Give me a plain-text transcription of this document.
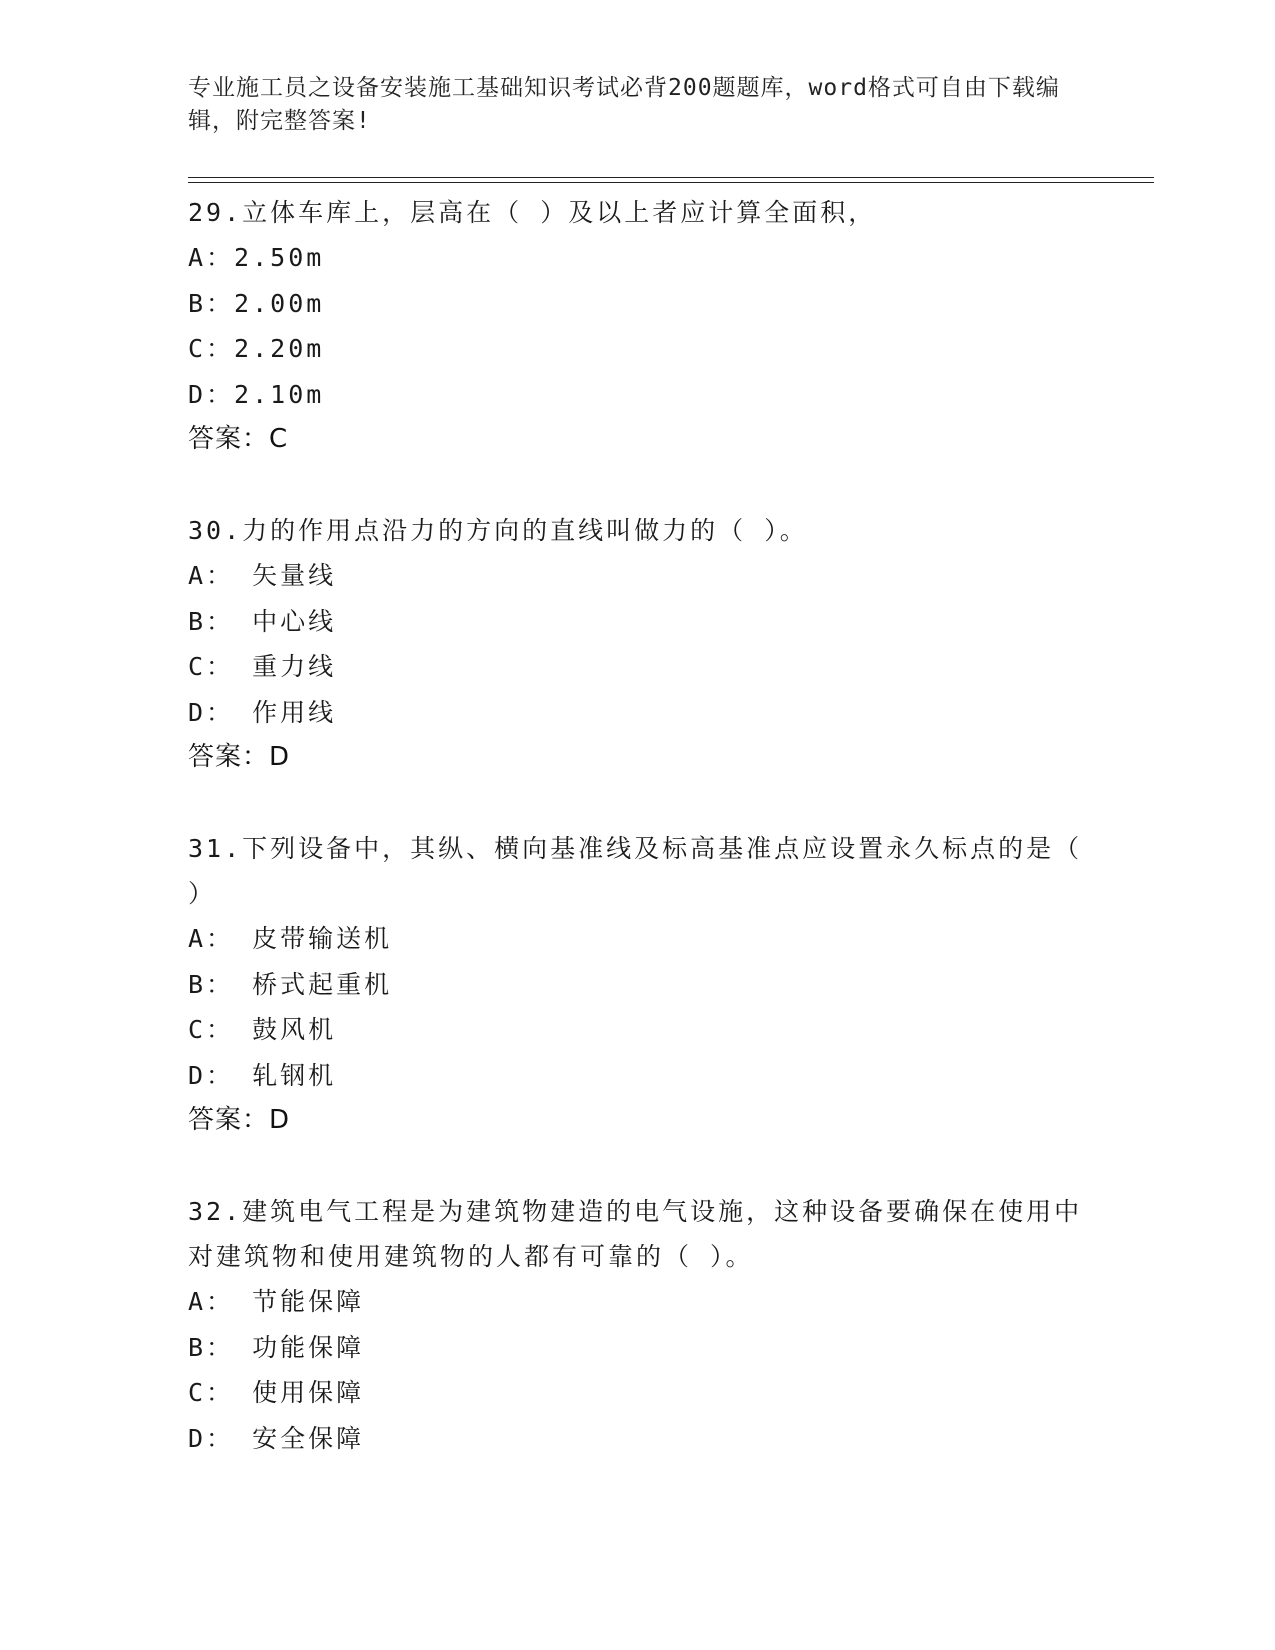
专业施工员之设备安装施工基础知识考试必背200题题库，word格式可自由下载编辑，附完整答案!
29.立体车库上，层高在（ ）及以上者应计算全面积，
A：2.50m
B：2.00m
C：2.20m
D：2.10m
答案：C
30.力的作用点沿力的方向的直线叫做力的（ ）。
A： 矢量线
B： 中心线
C： 重力线
D： 作用线
答案：D
31.下列设备中，其纵、横向基准线及标高基准点应设置永久标点的是（ ）
A： 皮带输送机
B： 桥式起重机
C： 鼓风机
D： 轧钢机
答案：D
32.建筑电气工程是为建筑物建造的电气设施，这种设备要确保在使用中对建筑物和使用建筑物的人都有可靠的（ ）。
A： 节能保障
B： 功能保障
C： 使用保障
D： 安全保障
